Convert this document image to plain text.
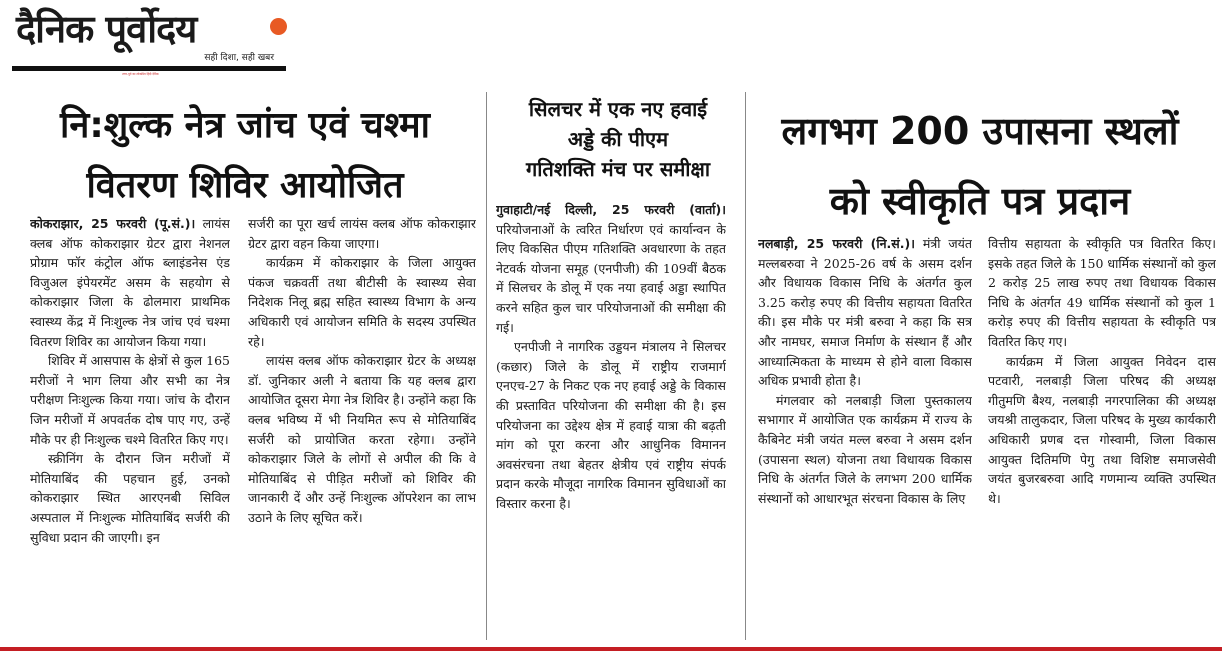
दैनिक पूर्वोदय
सही दिशा, सही खबर
उत्तर-पूर्व का लोकप्रिय हिंदी दैनिक
नि:शुल्क नेत्र जांच एवं चश्मा
वितरण शिविर आयोजित
सिलचर में एक नए हवाई
अड्डे की पीएम
गतिशक्ति मंच पर समीक्षा
लगभग 200 उपासना स्थलों
को स्वीकृति पत्र प्रदान

कोकराझार, 25 फरवरी (पू.सं.)। लायंस क्लब ऑफ कोकराझार ग्रेटर द्वारा नेशनल प्रोग्राम फॉर कंट्रोल ऑफ ब्लाइंडनेस एंड विजुअल इंपेयरमेंट असम के सहयोग से कोकराझार जिला के ढोलमारा प्राथमिक स्वास्थ्य केंद्र में निःशुल्क नेत्र जांच एवं चश्मा वितरण शिविर का आयोजन किया गया।

शिविर में आसपास के क्षेत्रों से कुल 165 मरीजों ने भाग लिया और सभी का नेत्र परीक्षण निःशुल्क किया गया। जांच के दौरान जिन मरीजों में अपवर्तक दोष पाए गए, उन्हें मौके पर ही निःशुल्क चश्मे वितरित किए गए।

स्क्रीनिंग के दौरान जिन मरीजों में मोतियाबिंद की पहचान हुई, उनको कोकराझार स्थित आरएनबी सिविल अस्पताल में निःशुल्क मोतियाबिंद सर्जरी की सुविधा प्रदान की जाएगी। इन

सर्जरी का पूरा खर्च लायंस क्लब ऑफ कोकराझार ग्रेटर द्वारा वहन किया जाएगा।

कार्यक्रम में कोकराझार के जिला आयुक्त पंकज चक्रवर्ती तथा बीटीसी के स्वास्थ्य सेवा निदेशक निलू ब्रह्म सहित स्वास्थ्य विभाग के अन्य अधिकारी एवं आयोजन समिति के सदस्य उपस्थित रहे।

लायंस क्लब ऑफ कोकराझार ग्रेटर के अध्यक्ष डॉ. जुनिकार अली ने बताया कि यह क्लब द्वारा आयोजित दूसरा मेगा नेत्र शिविर है। उन्होंने कहा कि क्लब भविष्य में भी नियमित रूप से मोतियाबिंद सर्जरी को प्रायोजित करता रहेगा। उन्होंने कोकराझार जिले के लोगों से अपील की कि वे मोतियाबिंद से पीड़ित मरीजों को शिविर की जानकारी दें और उन्हें निःशुल्क ऑपरेशन का लाभ उठाने के लिए सूचित करें।

गुवाहाटी/नई दिल्ली, 25 फरवरी (वार्ता)। परियोजनाओं के त्वरित निर्धारण एवं कार्यान्वन के लिए विकसित पीएम गतिशक्ति अवधारणा के तहत नेटवर्क योजना समूह (एनपीजी) की 109वीं बैठक में सिलचर के डोलू में एक नया हवाई अड्डा स्थापित करने सहित कुल चार परियोजनाओं की समीक्षा की गई।

एनपीजी ने नागरिक उड्डयन मंत्रालय ने सिलचर (कछार) जिले के डोलू में राष्ट्रीय राजमार्ग एनएच-27 के निकट एक नए हवाई अड्डे के विकास की प्रस्तावित परियोजना की समीक्षा की है। इस परियोजना का उद्देश्य क्षेत्र में हवाई यात्रा की बढ़ती मांग को पूरा करना और आधुनिक विमानन अवसंरचना तथा बेहतर क्षेत्रीय एवं राष्ट्रीय संपर्क प्रदान करके मौजूदा नागरिक विमानन सुविधाओं का विस्तार करना है।

नलबाड़ी, 25 फरवरी (नि.सं.)। मंत्री जयंत मल्लबरुवा ने 2025-26 वर्ष के असम दर्शन और विधायक विकास निधि के अंतर्गत कुल 3.25 करोड़ रुपए की वित्तीय सहायता वितरित की। इस मौके पर मंत्री बरुवा ने कहा कि सत्र और नामघर, समाज निर्माण के संस्थान हैं और आध्यात्मिकता के माध्यम से होने वाला विकास अधिक प्रभावी होता है।

मंगलवार को नलबाड़ी जिला पुस्तकालय सभागार में आयोजित एक कार्यक्रम में राज्य के कैबिनेट मंत्री जयंत मल्ल बरुवा ने असम दर्शन (उपासना स्थल) योजना तथा विधायक विकास निधि के अंतर्गत जिले के लगभग 200 धार्मिक संस्थानों को आधारभूत संरचना विकास के लिए

वित्तीय सहायता के स्वीकृति पत्र वितरित किए। इसके तहत जिले के 150 धार्मिक संस्थानों को कुल 2 करोड़ 25 लाख रुपए तथा विधायक विकास निधि के अंतर्गत 49 धार्मिक संस्थानों को कुल 1 करोड़ रुपए की वित्तीय सहायता के स्वीकृति पत्र वितरित किए गए।

कार्यक्रम में जिला आयुक्त निवेदन दास पटवारी, नलबाड़ी जिला परिषद की अध्यक्ष गीतुमणि बैश्य, नलबाड़ी नगरपालिका की अध्यक्ष जयश्री तालुकदार, जिला परिषद के मुख्य कार्यकारी अधिकारी प्रणब दत्त गोस्वामी, जिला विकास आयुक्त दितिमणि पेगु तथा विशिष्ट समाजसेवी जयंत बुजरबरुवा आदि गणमान्य व्यक्ति उपस्थित थे।
